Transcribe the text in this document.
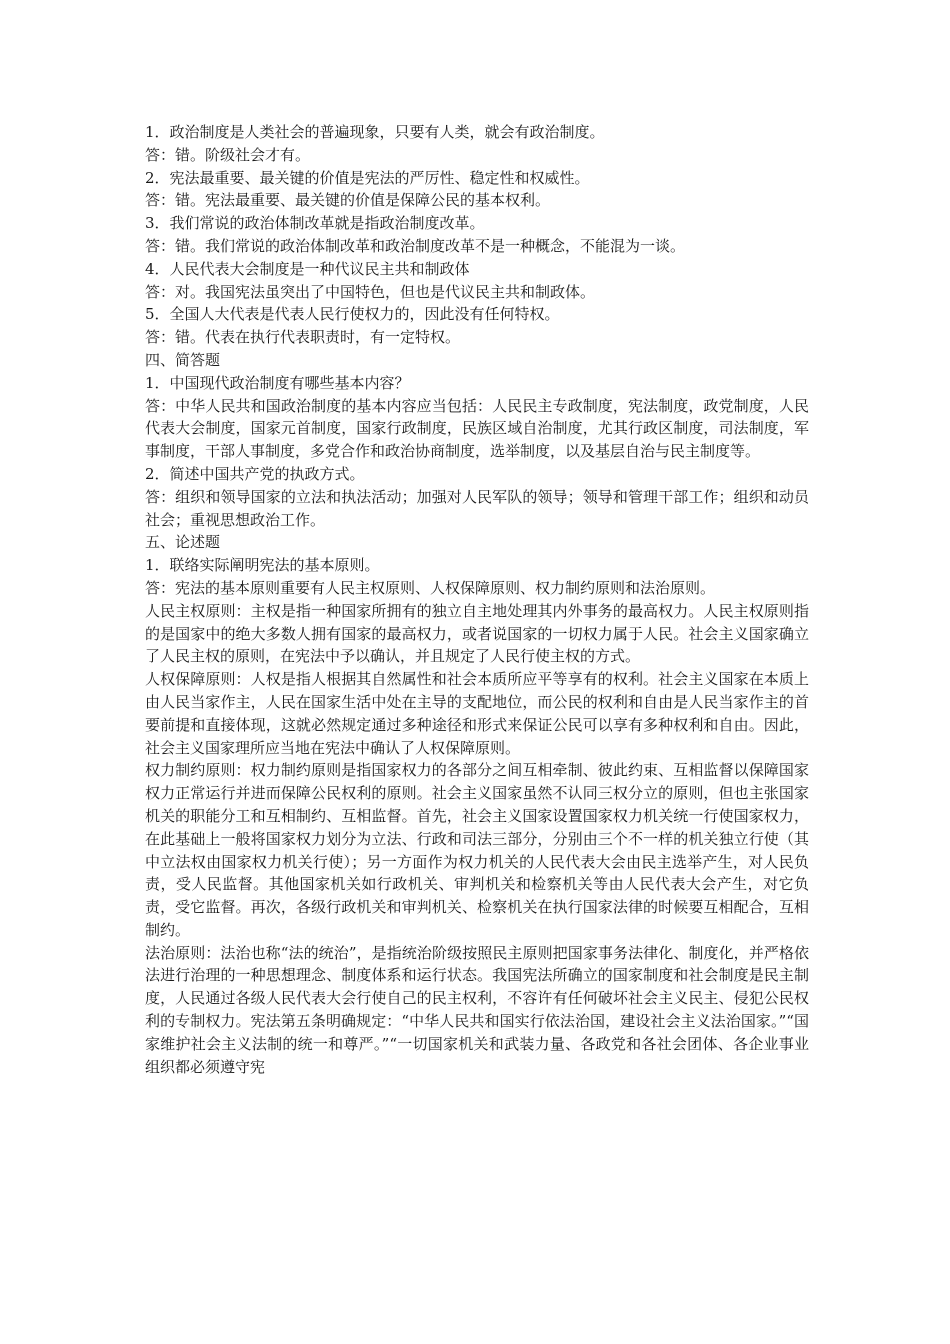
1．政治制度是人类社会的普遍现象，只要有人类，就会有政治制度。

答：错。阶级社会才有。

2．宪法最重要、最关键的价值是宪法的严厉性、稳定性和权威性。

答：错。宪法最重要、最关键的价值是保障公民的基本权利。

3．我们常说的政治体制改革就是指政治制度改革。

答：错。我们常说的政治体制改革和政治制度改革不是一种概念，不能混为一谈。

4．人民代表大会制度是一种代议民主共和制政体

答：对。我国宪法虽突出了中国特色，但也是代议民主共和制政体。

5．全国人大代表是代表人民行使权力的，因此没有任何特权。

答：错。代表在执行代表职责时，有一定特权。

四、简答题

1．中国现代政治制度有哪些基本内容？

答：中华人民共和国政治制度的基本内容应当包括：人民民主专政制度，宪法制度，政党制度，人民代表大会制度，国家元首制度，国家行政制度，民族区域自治制度，尤其行政区制度，司法制度，军事制度，干部人事制度，多党合作和政治协商制度，选举制度，以及基层自治与民主制度等。

2．简述中国共产党的执政方式。

答：组织和领导国家的立法和执法活动；加强对人民军队的领导；领导和管理干部工作；组织和动员社会；重视思想政治工作。

五、论述题

1．联络实际阐明宪法的基本原则。

答：宪法的基本原则重要有人民主权原则、人权保障原则、权力制约原则和法治原则。

人民主权原则：主权是指一种国家所拥有的独立自主地处理其内外事务的最高权力。人民主权原则指的是国家中的绝大多数人拥有国家的最高权力，或者说国家的一切权力属于人民。社会主义国家确立了人民主权的原则，在宪法中予以确认，并且规定了人民行使主权的方式。

人权保障原则：人权是指人根据其自然属性和社会本质所应平等享有的权利。社会主义国家在本质上由人民当家作主，人民在国家生活中处在主导的支配地位，而公民的权利和自由是人民当家作主的首要前提和直接体现，这就必然规定通过多种途径和形式来保证公民可以享有多种权利和自由。因此，社会主义国家理所应当地在宪法中确认了人权保障原则。

权力制约原则：权力制约原则是指国家权力的各部分之间互相牵制、彼此约束、互相监督以保障国家权力正常运行并进而保障公民权利的原则。社会主义国家虽然不认同三权分立的原则，但也主张国家机关的职能分工和互相制约、互相监督。首先，社会主义国家设置国家权力机关统一行使国家权力，在此基础上一般将国家权力划分为立法、行政和司法三部分，分别由三个不一样的机关独立行使（其中立法权由国家权力机关行使）；另一方面作为权力机关的人民代表大会由民主选举产生，对人民负责，受人民监督。其他国家机关如行政机关、审判机关和检察机关等由人民代表大会产生，对它负责，受它监督。再次，各级行政机关和审判机关、检察机关在执行国家法律的时候要互相配合，互相制约。

法治原则：法治也称“法的统治”，是指统治阶级按照民主原则把国家事务法律化、制度化，并严格依法进行治理的一种思想理念、制度体系和运行状态。我国宪法所确立的国家制度和社会制度是民主制度，人民通过各级人民代表大会行使自己的民主权利，不容许有任何破坏社会主义民主、侵犯公民权利的专制权力。宪法第五条明确规定：“中华人民共和国实行依法治国，建设社会主义法治国家。”“国家维护社会主义法制的统一和尊严。”“一切国家机关和武装力量、各政党和各社会团体、各企业事业组织都必须遵守宪
